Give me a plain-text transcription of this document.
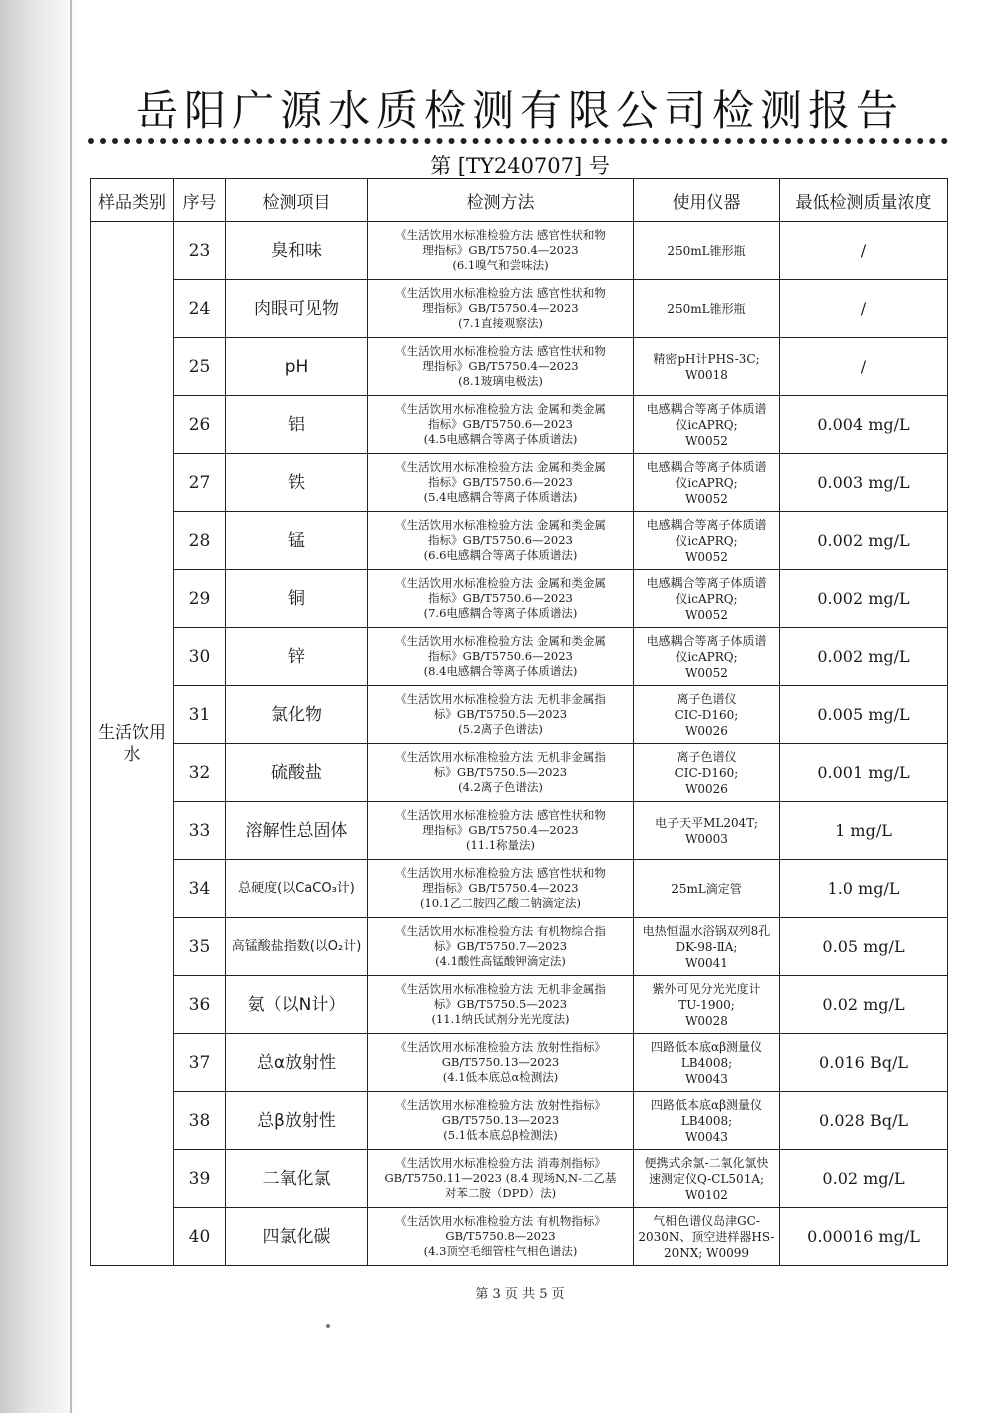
岳阳广源水质检测有限公司检测报告
第 [TY240707] 号
样品类别	序号	检测项目	检测方法	使用仪器	最低检测质量浓度
生活饮用水	23	臭和味	《生活饮用水标准检验方法 感官性状和物
理指标》GB/T5750.4—2023
(6.1嗅气和尝味法)	250mL锥形瓶	/
	24	肉眼可见物	《生活饮用水标准检验方法 感官性状和物
理指标》GB/T5750.4—2023
(7.1直接观察法)	250mL锥形瓶	/
	25	pH	《生活饮用水标准检验方法 感官性状和物
理指标》GB/T5750.4—2023
(8.1玻璃电极法)	精密pH计PHS-3C;
W0018	/
	26	铝	《生活饮用水标准检验方法 金属和类金属
指标》GB/T5750.6—2023
(4.5电感耦合等离子体质谱法)	电感耦合等离子体质谱
仪icAPRQ;
W0052	0.004 mg/L
	27	铁	《生活饮用水标准检验方法 金属和类金属
指标》GB/T5750.6—2023
(5.4电感耦合等离子体质谱法)	电感耦合等离子体质谱
仪icAPRQ;
W0052	0.003 mg/L
	28	锰	《生活饮用水标准检验方法 金属和类金属
指标》GB/T5750.6—2023
(6.6电感耦合等离子体质谱法)	电感耦合等离子体质谱
仪icAPRQ;
W0052	0.002 mg/L
	29	铜	《生活饮用水标准检验方法 金属和类金属
指标》GB/T5750.6—2023
(7.6电感耦合等离子体质谱法)	电感耦合等离子体质谱
仪icAPRQ;
W0052	0.002 mg/L
	30	锌	《生活饮用水标准检验方法 金属和类金属
指标》GB/T5750.6—2023
(8.4电感耦合等离子体质谱法)	电感耦合等离子体质谱
仪icAPRQ;
W0052	0.002 mg/L
	31	氯化物	《生活饮用水标准检验方法 无机非金属指
标》GB/T5750.5—2023
(5.2离子色谱法)	离子色谱仪
CIC-D160;
W0026	0.005 mg/L
	32	硫酸盐	《生活饮用水标准检验方法 无机非金属指
标》GB/T5750.5—2023
(4.2离子色谱法)	离子色谱仪
CIC-D160;
W0026	0.001 mg/L
	33	溶解性总固体	《生活饮用水标准检验方法 感官性状和物
理指标》GB/T5750.4—2023
(11.1称量法)	电子天平ML204T;
W0003	1 mg/L
	34	总硬度(以CaCO₃计)	《生活饮用水标准检验方法 感官性状和物
理指标》GB/T5750.4—2023
(10.1乙二胺四乙酸二钠滴定法)	25mL滴定管	1.0 mg/L
	35	高锰酸盐指数(以O₂计)	《生活饮用水标准检验方法 有机物综合指
标》GB/T5750.7—2023
(4.1酸性高锰酸钾滴定法)	电热恒温水浴锅双列8孔
DK-98-ⅡA;
W0041	0.05 mg/L
	36	氨（以N计）	《生活饮用水标准检验方法 无机非金属指
标》GB/T5750.5—2023
(11.1纳氏试剂分光光度法)	紫外可见分光光度计
TU-1900;
W0028	0.02 mg/L
	37	总α放射性	《生活饮用水标准检验方法 放射性指标》
GB/T5750.13—2023
(4.1低本底总α检测法)	四路低本底αβ测量仪
LB4008;
W0043	0.016 Bq/L
	38	总β放射性	《生活饮用水标准检验方法 放射性指标》
GB/T5750.13—2023
(5.1低本底总β检测法)	四路低本底αβ测量仪
LB4008;
W0043	0.028 Bq/L
	39	二氧化氯	《生活饮用水标准检验方法 消毒剂指标》
GB/T5750.11—2023 (8.4 现场N,N-二乙基
对苯二胺（DPD）法)	便携式余氯-二氧化氯快
速测定仪Q-CL501A;
W0102	0.02 mg/L
	40	四氯化碳	《生活饮用水标准检验方法 有机物指标》
GB/T5750.8—2023
(4.3顶空毛细管柱气相色谱法)	气相色谱仪岛津GC-
2030N、顶空进样器HS-
20NX; W0099	0.00016 mg/L
第 3 页 共 5 页
